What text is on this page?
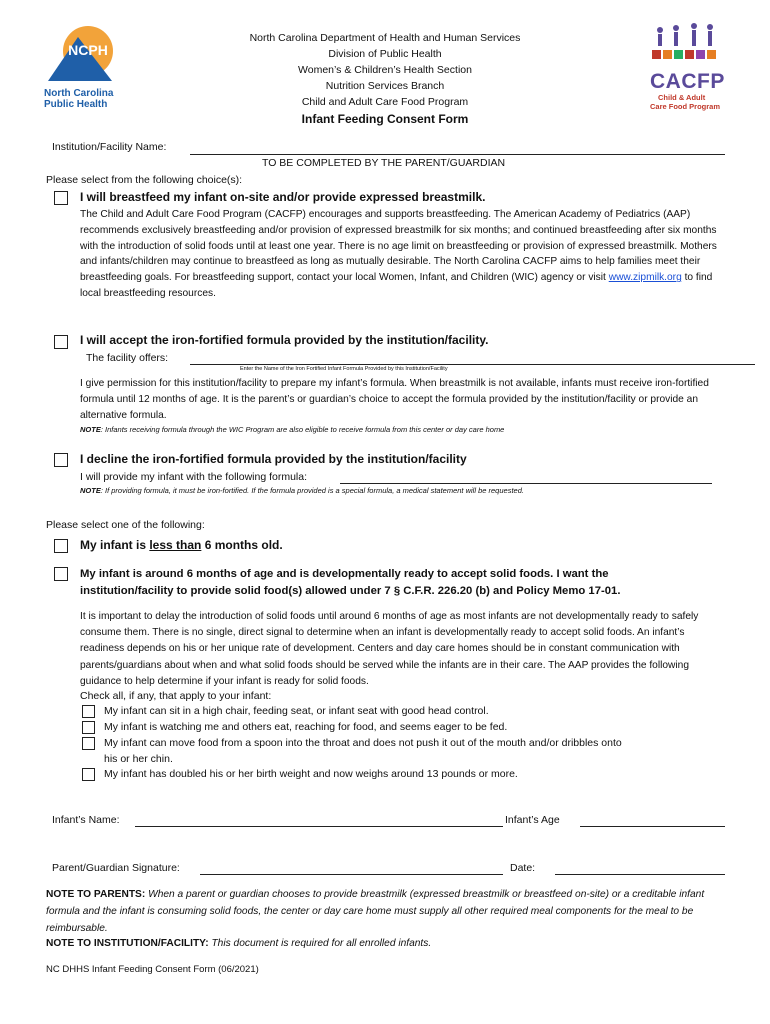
NCPH
North Carolina
Public Health
CACFP
Child & Adult
Care Food Program
North Carolina Department of Health and Human Services
Division of Public Health
Women’s & Children’s Health Section
Nutrition Services Branch
Child and Adult Care Food Program
Infant Feeding Consent Form
Institution/Facility Name:
TO BE COMPLETED BY THE PARENT/GUARDIAN
Please select from the following choice(s):
I will breastfeed my infant on-site and/or provide expressed breastmilk.
The Child and Adult Care Food Program (CACFP) encourages and supports breastfeeding. The American Academy of Pediatrics (AAP) recommends exclusively breastfeeding and/or provision of expressed breastmilk for six months; and continued breastfeeding after six months with the introduction of solid foods until at least one year. There is no age limit on breastfeeding or provision of expressed breastmilk. Mothers and infants/children may continue to breastfeed as long as mutually desirable. The North Carolina CACFP aims to help families meet their breastfeeding goals. For breastfeeding support, contact your local Women, Infant, and Children (WIC) agency or visit www.zipmilk.org to find local breastfeeding resources.
I will accept the iron-fortified formula provided by the institution/facility.
The facility offers:
Enter the Name of the Iron Fortified Infant Formula Provided by this Institution/Facility
I give permission for this institution/facility to prepare my infant’s formula. When breastmilk is not available, infants must receive iron-fortified formula until 12 months of age. It is the parent’s or guardian’s choice to accept the formula provided by the institution/facility or provide an alternative formula.
NOTE: Infants receiving formula through the WIC Program are also eligible to receive formula from this center or day care home
I decline the iron-fortified formula provided by the institution/facility
I will provide my infant with the following formula:
NOTE: If providing formula, it must be iron-fortified. If the formula provided is a special formula, a medical statement will be requested.
Please select one of the following:
My infant is less than 6 months old.
My infant is around 6 months of age and is developmentally ready to accept solid foods. I want the
institution/facility to provide solid food(s) allowed under 7 § C.F.R. 226.20 (b) and Policy Memo 17-01.
It is important to delay the introduction of solid foods until around 6 months of age as most infants are not developmentally ready to safely consume them. There is no single, direct signal to determine when an infant is developmentally ready to accept solid foods. An infant’s readiness depends on his or her unique rate of development. Centers and day care homes should be in constant communication with parents/guardians about when and what solid foods should be served while the infants are in their care. The AAP provides the following guidance to help determine if your infant is ready for solid foods.
Check all, if any, that apply to your infant:
My infant can sit in a high chair, feeding seat, or infant seat with good head control.
My infant is watching me and others eat, reaching for food, and seems eager to be fed.
My infant can move food from a spoon into the throat and does not push it out of the mouth and/or dribbles onto his or her chin.
My infant has doubled his or her birth weight and now weighs around 13 pounds or more.
Infant’s Name:	Infant’s Age
Parent/Guardian Signature:	Date:
NOTE TO PARENTS: When a parent or guardian chooses to provide breastmilk (expressed breastmilk or breastfeed on-site) or a creditable infant formula and the infant is consuming solid foods, the center or day care home must supply all other required meal components for the meal to be reimbursable.
NOTE TO INSTITUTION/FACILITY: This document is required for all enrolled infants.
NC DHHS Infant Feeding Consent Form (06/2021)
